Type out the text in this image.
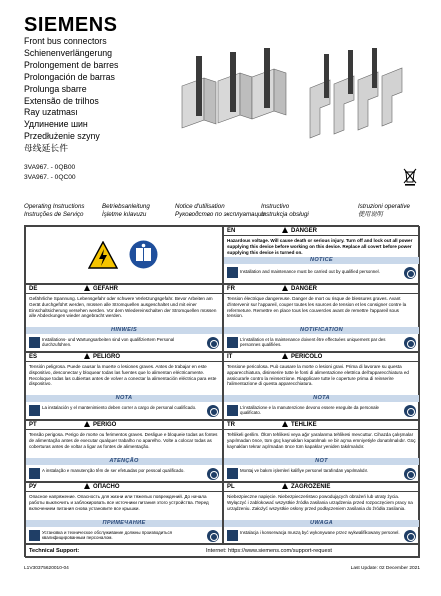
SIEMENS
Front bus connectors
Schienenverlängerung
Prolongement de barres
Prolongación de barras
Prolunga sbarre
Extensão de trilhos
Ray uzatması
Удлинение шин
Przedłużenie szyny
母线延长件
3VA967. - 0QB00
3VA967. - 0QC00
Operating Instructions	Betriebsanleitung	Notice d'utilisation	Instructivo	Istruzioni operative
Instruções de Serviço	İşletme kılavuzu	Руководство по эксплуатации
Instrukcja obsługi	使用说明
EN	DANGER
Hazardous voltage. Will cause death or serious injury. Turn off and lock out all power supplying this device before working on this device. Replace all covert before power supplying this device is turned on.
NOTICE
Installation and maintenance must be carried out by qualified personnel.
DE	GEFAHR
Gefährliche Spannung. Lebensgefahr oder schwere Verletzungsgefahr. Bevor Arbeiten am Gerät durchgeführt werden, müssen alle Stromquellen ausgeschaltet und mit einer Einschaltsicherung versehen werden. Vor dem Wiedereinschalten der Stromquellen müssen alle Abdeckungen wieder angebracht werden.
HINWEIS
Installations- und Wartungsarbeiten sind von qualifiziertem Personal durchzuführen.
FR	DANGER
Tension électrique dangereuse. Danger de mort ou risque de blessures graves. Avant d'intervenir sur l'appareil, couper toutes les sources de tension et les consigner contre la refermeture. Remettre en place tous les couvercles avant de remettre l'appareil sous tension.
NOTIFICATION
L'installation et la maintenance doivent être effectuées uniquement par des personnes qualifiées.
ES	PELIGRO
Tensión peligrosa. Puede causar la muerte o lesiones graves. Antes de trabajar en este dispositivo, desconectar y bloquear todas las fuentes que lo alimentan eléctricamente. Recoloque todas las cubiertas antes de volver a conectar la alimentación eléctrica para este dispositivo.
NOTA
La instalación y el mantenimiento deben correr a cargo de personal cualificado.
IT	PERICOLO
Tensione pericolosa. Può causare la morte o lesioni gravi. Prima di lavorare su questa apparecchiatura, disinserire tutte le fonti di alimentazione elettrica dell'apparecchiatura ed assicurarle contro la reinserzione. Riapplicare tutte le coperture prima di reinserire l'alimentazione di questa apparecchiatura.
NOTA
L'installazione e la manutenzione devono essere eseguite da personale qualificato.
PT	PERIGO
Tensão perigosa. Perigo de morte ou ferimentos graves. Desligue e bloqueie todas as fontes de alimentação antes de executar qualquer trabalho no aparelho. Volte a colocar todas as coberturas antes de voltar a ligar as fontes de alimentação.
ATENÇÃO
A instalação e manutenção têm de ser efetuadas por pessoal qualificado.
TR	TEHLİKE
Tehlikeli gerilim. Ölüm tehlikesi veya ağır yaralanma tehlikesi mevcuttur. Cihazda çalışmalar yapılmadan önce, tüm güç kaynakları kapatılmalı ve bir açma emniyetiyle donatılmalıdır. Güç kaynakları tekrar açılmadan önce tüm kapaklar yeniden takılmalıdır.
NOT
Montaj ve bakım işlemleri kalifiye personel tarafından yapılmalıdır.
РУ	ОПАСНО
Опасное напряжение. Опасность для жизни или тяжелых повреждений. До начала работы выключить и заблокировать все источники питания этого устройства. Перед включением питания снова установите все крышки.
ПРИМЕЧАНИЕ
Установка и техническое обслуживание должны производиться квалифицированным персоналом.
PL	ZAGROŻENIE
Niebezpieczne napięcie. Niebezpieczeństwo powodujących obrażeń lub utraty życia. Wyłączyć i zablokować wszystkie źródła zasilania urządzenia przed rozpoczęciem pracy na urządzeniu. Założyć wszystkie osłony przed podłączeniem zasilania do źródła zasilania.
UWAGA
Instalacja i konserwacja muszą być wykonywane przez wykwalifikowany personel.
Technical Support:	Internet: https://www.siemens.com/support-request
L1V30375620010-04	Last Update: 02 December 2021
